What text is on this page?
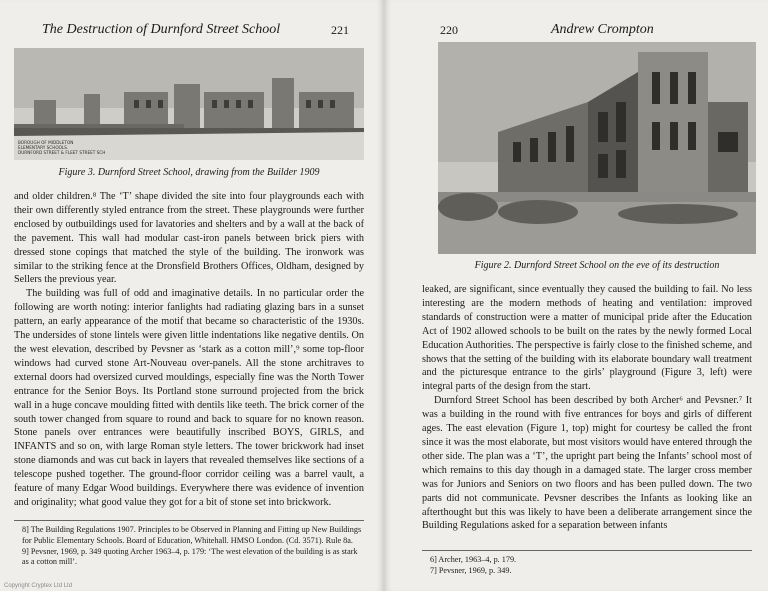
The Destruction of Durnford Street School	221
BOROUGH OF MIDDLETON
ELEMENTARY SCHOOLS.
DURNFORD STREET & FLEET STREET SCH
Figure 3. Durnford Street School, drawing from the Builder 1909

and older children.⁸ The ‘T’ shape divided the site into four playgrounds each with their own differently styled entrance from the street. These playgrounds were further enclosed by outbuildings used for lavatories and shelters and by a wall at the back of the pavement. This wall had modular cast-iron panels between brick piers with dressed stone copings that matched the style of the building. The ironwork was similar to the striking fence at the Dronsfield Brothers Offices, Oldham, designed by Sellers the previous year.

The building was full of odd and imaginative details. In no particular order the following are worth noting: interior fanlights had radiating glazing bars in a sunset pattern, an early appearance of the motif that became so characteristic of the 1930s. The undersides of stone lintels were given little indentations like negative dentils. On the west elevation, described by Pevsner as ‘stark as a cotton mill’,⁹ some top-floor windows had curved stone Art-Nouveau over-panels. All the stone architraves to external doors had oversized curved mouldings, especially fine was the North Tower entrance for the Senior Boys. Its Portland stone surround projected from the brick wall in a huge concave moulding fitted with dentils like teeth. The brick corner of the south tower changed from square to round and back to square for no known reason. Stone panels over entrances were beautifully inscribed BOYS, GIRLS, and INFANTS and so on, with large Roman style letters. The tower brickwork had inset stone diamonds and was cut back in layers that revealed themselves like sections of a telescope pushed together. The ground-floor corridor ceiling was a barrel vault, a feature of many Edgar Wood buildings. Everywhere there was evidence of invention and originality; what good value they got for a bit of stone set into brickwork.

8] The Building Regulations 1907. Principles to be Observed in Planning and Fitting up New Buildings for Public Elementary Schools. Board of Education, Whitehall. HMSO London. (Cd. 3571). Rule 8a.

9] Pevsner, 1969, p. 349 quoting Archer 1963–4, p. 179: ‘The west elevation of the building is as stark as a cotton mill’.

Copyright Cryptex Ltd Ltd
220	Andrew Crompton
Figure 2. Durnford Street School on the eve of its destruction

leaked, are significant, since eventually they caused the building to fail. No less interesting are the modern methods of heating and ventilation: improved standards of construction were a matter of municipal pride after the Education Act of 1902 allowed schools to be built on the rates by the newly formed Local Education Authorities. The perspective is fairly close to the finished scheme, and shows that the setting of the building with its elaborate boundary wall treatment and the picturesque entrance to the girls’ playground (Figure 3, left) were integral parts of the design from the start.

Durnford Street School has been described by both Archer⁶ and Pevsner.⁷ It was a building in the round with five entrances for boys and girls of different ages. The east elevation (Figure 1, top) might for courtesy be called the front since it was the most elaborate, but most visitors would have entered through the other side. The plan was a ‘T’, the upright part being the Infants’ school most of which remains to this day though in a damaged state. The larger cross member was for Juniors and Seniors on two floors and has been pulled down. The two parts did not communicate. Pevsner describes the Infants as looking like an afterthought but this was likely to have been a deliberate arrangement since the Building Regulations asked for a separation between infants

6] Archer, 1963–4, p. 179.

7] Pevsner, 1969, p. 349.
